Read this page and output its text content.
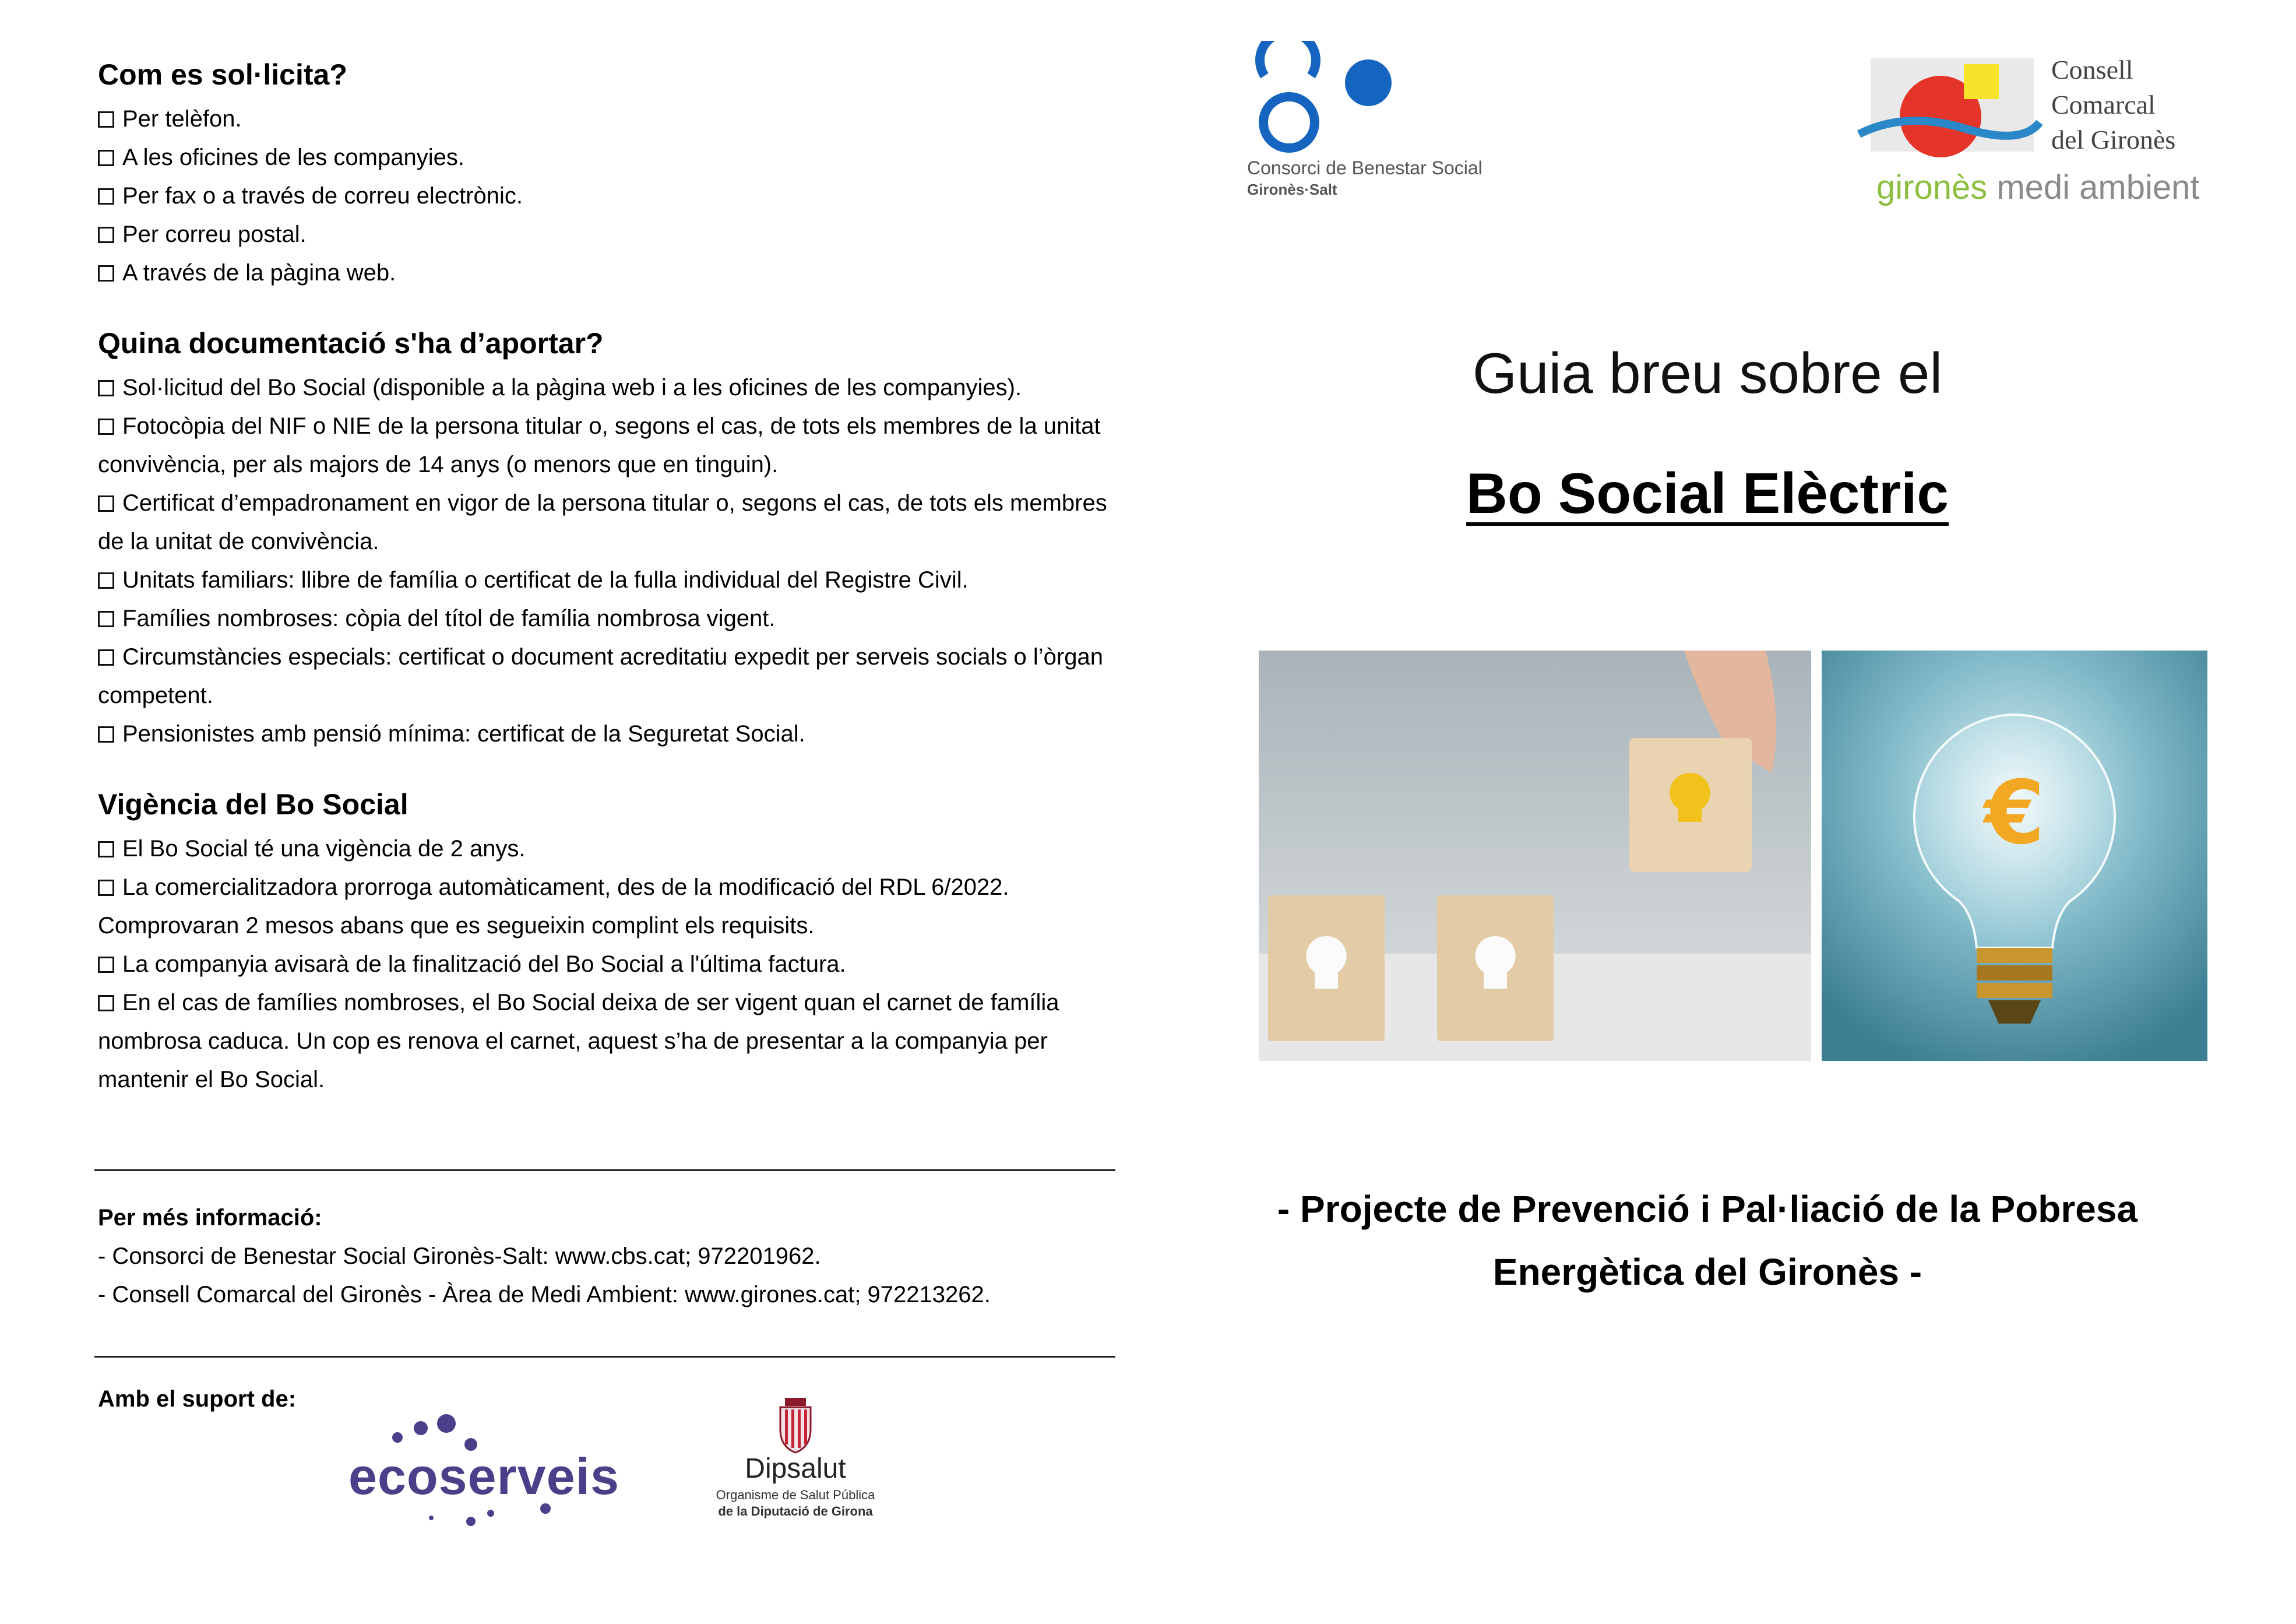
Com es sol·licita?
Per telèfon.
A les oficines de les companyies.
Per fax o a través de correu electrònic.
Per correu postal.
A través de la pàgina web.
Quina documentació s'ha d’aportar?
Sol·licitud del Bo Social (disponible a la pàgina web i a les oficines de les companyies).
Fotocòpia del NIF o NIE de la persona titular o, segons el cas, de tots els membres de la unitat convivència, per als majors de 14 anys (o menors que en tinguin).
Certificat d’empadronament en vigor de la persona titular o, segons el cas, de tots els membres de la unitat de convivència.
Unitats familiars: llibre de família o certificat de la fulla individual del Registre Civil.
Famílies nombroses: còpia del títol de família nombrosa vigent.
Circumstàncies especials: certificat o document acreditatiu expedit per serveis socials o l’òrgan competent.
Pensionistes amb pensió mínima: certificat de la Seguretat Social.
Vigència del Bo Social
El Bo Social té una vigència de 2 anys.
La comercialitzadora prorroga automàticament, des de la modificació del RDL 6/2022. Comprovaran 2 mesos abans que es segueixin complint els requisits.
La companyia avisarà de la finalització del Bo Social a l'última factura.
En el cas de famílies nombroses, el Bo Social deixa de ser vigent quan el carnet de família nombrosa caduca. Un cop es renova el carnet, aquest s’ha de presentar a la companyia per mantenir el Bo Social.
Per més informació:
- Consorci de Benestar Social Gironès-Salt: www.cbs.cat; 972201962.
- Consell Comarcal del Gironès - Àrea de Medi Ambient: www.girones.cat; 972213262.
Amb el suport de:
ecoserveis	Dipsalut
Organisme de Salut Pública
de la Diputació de Girona
Consorci de Benestar Social
Gironès·Salt
Consell
Comarcal
del Gironès
gironès medi ambient
Guia breu sobre el
Bo Social Elèctric
€
- Projecte de Prevenció i Pal·liació de la Pobresa
Energètica del Gironès -
